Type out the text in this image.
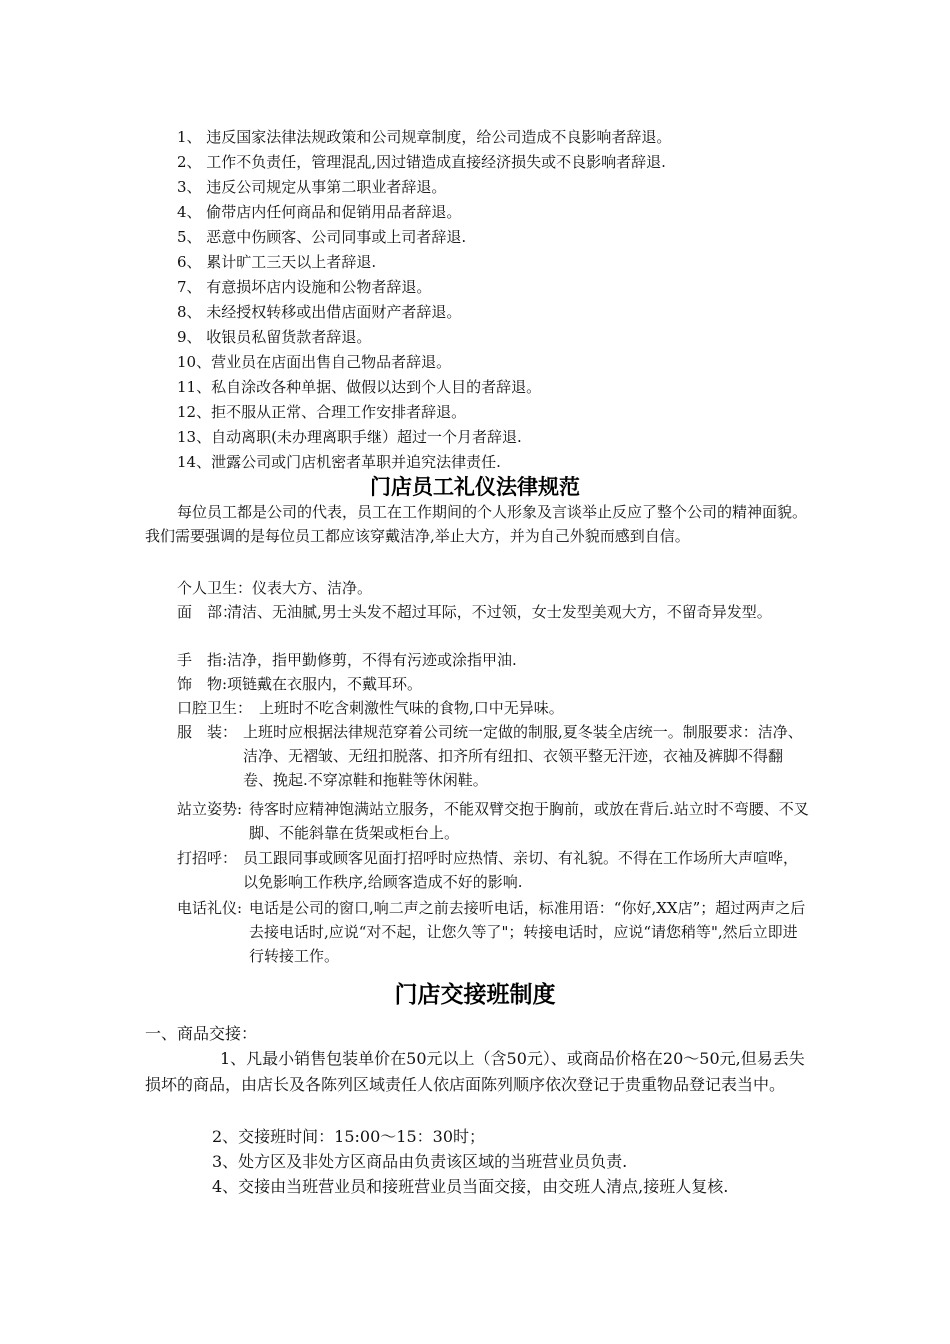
1、 违反国家法律法规政策和公司规章制度，给公司造成不良影响者辞退。
2、 工作不负责任，管理混乱,因过错造成直接经济损失或不良影响者辞退.
3、 违反公司规定从事第二职业者辞退。
4、 偷带店内任何商品和促销用品者辞退。
5、 恶意中伤顾客、公司同事或上司者辞退.
6、 累计旷工三天以上者辞退.
7、 有意损坏店内设施和公物者辞退。
8、 未经授权转移或出借店面财产者辞退。
9、 收银员私留货款者辞退。
10、营业员在店面出售自己物品者辞退。
11、私自涂改各种单据、做假以达到个人目的者辞退。
12、拒不服从正常、合理工作安排者辞退。
13、自动离职(未办理离职手继）超过一个月者辞退.
14、泄露公司或门店机密者革职并追究法律责任.
门店员工礼仪法律规范
每位员工都是公司的代表，员工在工作期间的个人形象及言谈举止反应了整个公司的精神面貌。我们需要强调的是每位员工都应该穿戴洁净,举止大方，并为自己外貌而感到自信。
个人卫生：仪表大方、洁净。
面　部：
清洁、无油腻,男士头发不超过耳际，不过领，女士发型美观大方，不留奇异发型。
手　指: 洁净，指甲勤修剪，不得有污迹或涂指甲油.
饰　物: 项链戴在衣服内，不戴耳环。
口腔卫生： 上班时不吃含刺激性气味的食物,口中无异味。
服　装： 上班时应根据法律规范穿着公司统一定做的制服,夏冬装全店统一。制服要求：洁净、洁净、无褶皱、无纽扣脱落、扣齐所有纽扣、衣领平整无汗迹，衣袖及裤脚不得翻卷、挽起.不穿凉鞋和拖鞋等休闲鞋。
站立姿势: 待客时应精神饱满站立服务，不能双臂交抱于胸前，或放在背后.站立时不弯腰、不叉脚、不能斜靠在货架或柜台上。
打招呼： 员工跟同事或顾客见面打招呼时应热情、亲切、有礼貌。不得在工作场所大声喧哗，以免影响工作秩序,给顾客造成不好的影响.
电话礼仪: 电话是公司的窗口,响二声之前去接听电话，标准用语：“你好,XX店”；超过两声之后去接电话时,应说“对不起，让您久等了"；转接电话时，应说“请您稍等",然后立即进行转接工作。
门店交接班制度
一、商品交接：
1、凡最小销售包装单价在50元以上（含50元）、或商品价格在20～50元,但易丢失损坏的商品，由店长及各陈列区域责任人依店面陈列顺序依次登记于贵重物品登记表当中。
2、交接班时间：15:00～15：30时；
3、处方区及非处方区商品由负责该区域的当班营业员负责.
4、交接由当班营业员和接班营业员当面交接，由交班人清点,接班人复核.
